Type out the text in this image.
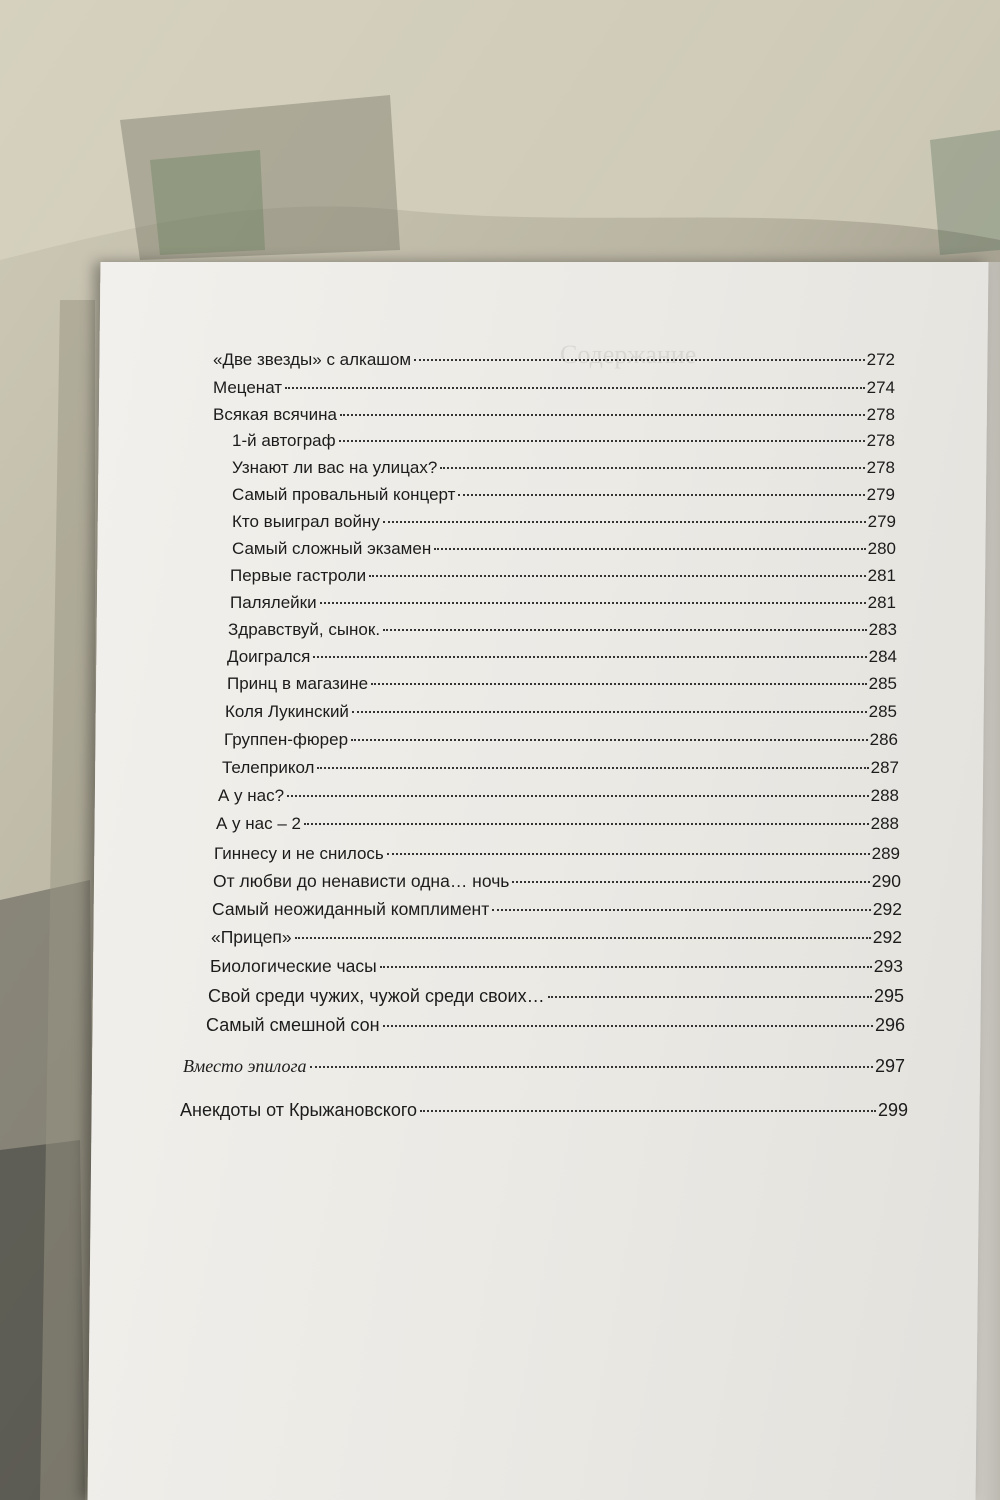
Содержание
«Две звезды» с алкашом	272
Меценат	274
Всякая всячина	278
1-й автограф	278
Узнают ли вас на улицах?	278
Самый провальный концерт	279
Кто выиграл войну	279
Самый сложный экзамен	280
Первые гастроли	281
Палялейки	281
Здравствуй, сынок.	283
Доигрался	284
Принц в магазине	285
Коля Лукинский	285
Группен-фюрер	286
Телеприкол	287
А у нас?	288
А у нас – 2	288
Гиннесу и не снилось	289
От любви до ненависти одна… ночь	290
Самый неожиданный комплимент	292
«Прицеп»	292
Биологические часы	293
Свой среди чужих, чужой среди своих…	295
Самый смешной сон	296
Вместо эпилога	297
Анекдоты от Крыжановского	299
